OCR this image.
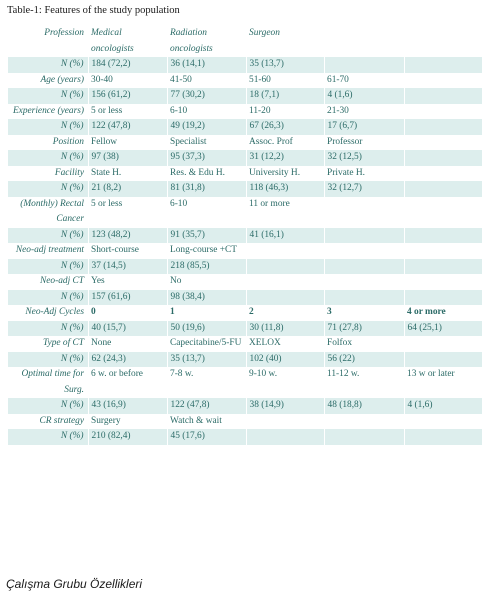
Table-1: Features of the study population
Profession	Medical oncologists	Radiation oncologists	Surgeon		
N (%)	184 (72,2)	36 (14,1)	35 (13,7)		
Age (years)	30-40	41-50	51-60	61-70	
N (%)	156 (61,2)	77 (30,2)	18 (7,1)	4 (1,6)	
Experience (years)	5 or less	6-10	11-20	21-30	
N (%)	122 (47,8)	49 (19,2)	67 (26,3)	17 (6,7)	
Position	Fellow	Specialist	Assoc. Prof	Professor	
N (%)	97 (38)	95 (37,3)	31 (12,2)	32 (12,5)	
Facility	State H.	Res. & Edu H.	University H.	Private H.	
N (%)	21 (8,2)	81 (31,8)	118 (46,3)	32 (12,7)	
(Monthly) Rectal Cancer	5 or less	6-10	11 or more		
N (%)	123 (48,2)	91 (35,7)	41 (16,1)		
Neo-adj treatment	Short-course	Long-course +CT			
N (%)	37 (14,5)	218 (85,5)			
Neo-adj CT	Yes	No			
N (%)	157 (61,6)	98 (38,4)			
Neo-Adj Cycles	0	1	2	3	4 or more
N (%)	40 (15,7)	50 (19,6)	30 (11,8)	71 (27,8)	64 (25,1)
Type of CT	None	Capecitabine/5-FU	XELOX	Folfox	
N (%)	62 (24,3)	35 (13,7)	102 (40)	56 (22)	
Optimal time for Surg.	6 w. or before	7-8 w.	9-10 w.	11-12 w.	13 w or later
N (%)	43 (16,9)	122 (47,8)	38 (14,9)	48 (18,8)	4 (1,6)
CR strategy	Surgery	Watch & wait			
N (%)	210 (82,4)	45 (17,6)			
Çalışma Grubu Özellikleri
